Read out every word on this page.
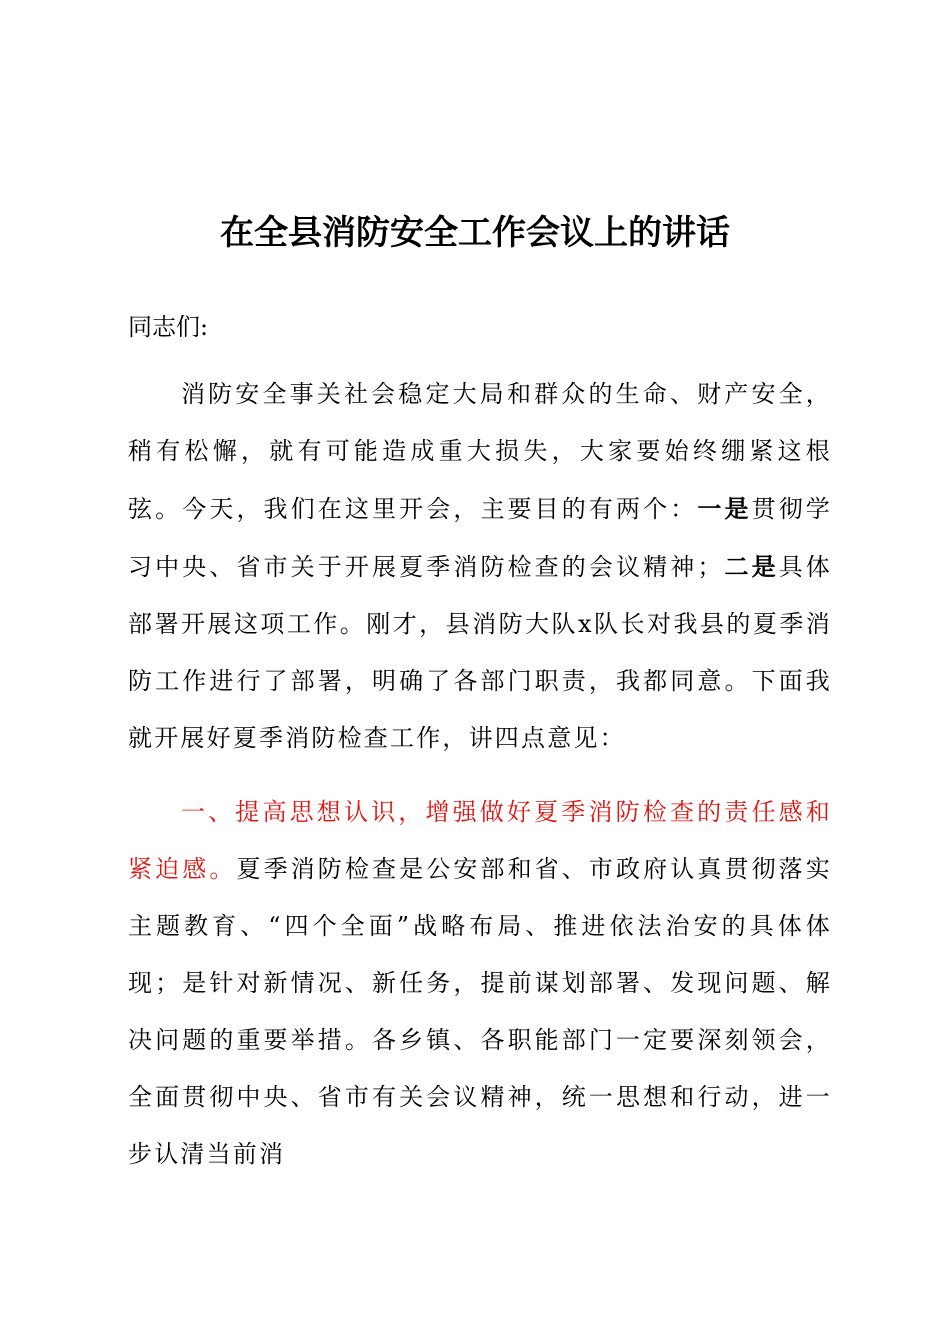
在全县消防安全工作会议上的讲话
同志们:
消防安全事关社会稳定大局和群众的生命、财产安全，稍有松懈，就有可能造成重大损失，大家要始终绷紧这根弦。今天，我们在这里开会，主要目的有两个：一是贯彻学习中央、省市关于开展夏季消防检查的会议精神；二是具体部署开展这项工作。刚才，县消防大队x队长对我县的夏季消防工作进行了部署，明确了各部门职责，我都同意。下面我就开展好夏季消防检查工作，讲四点意见：
一、提高思想认识，增强做好夏季消防检查的责任感和紧迫感。夏季消防检查是公安部和省、市政府认真贯彻落实主题教育、“四个全面”战略布局、推进依法治安的具体体现；是针对新情况、新任务，提前谋划部署、发现问题、解决问题的重要举措。各乡镇、各职能部门一定要深刻领会，全面贯彻中央、省市有关会议精神，统一思想和行动，进一步认清当前消
